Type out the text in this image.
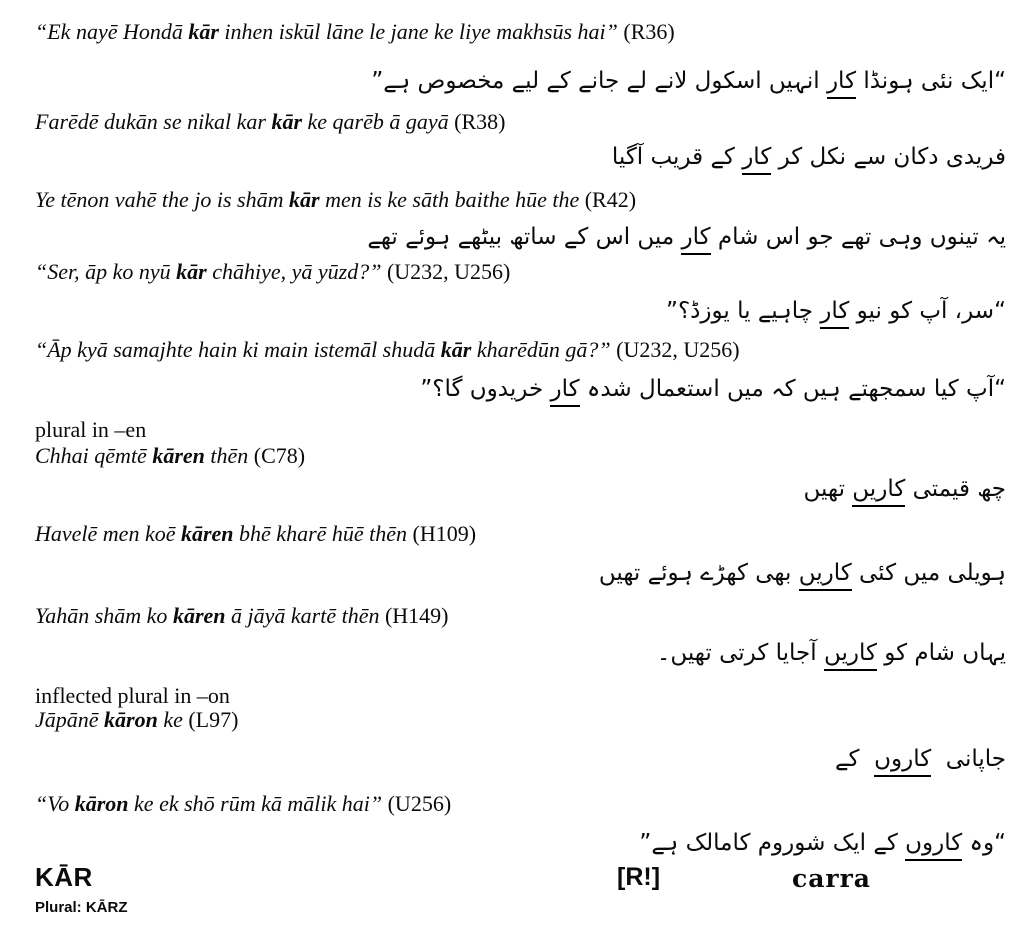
“Ek nayē Hondā kār inhen iskūl lāne le jane ke liye makhsūs hai” (R36)
“ایک نئی ہونڈا کار انہیں اسکول لانے لے جانے کے لیے مخصوص ہے”
Farēdē dukān se nikal kar kār ke qarēb ā gayā (R38)
فریدی دکان سے نکل کر کار کے قریب آگیا
Ye tēnon vahē the jo is shām kār men is ke sāth baithe hūe the (R42)
یہ تینوں وہی تھے جو اس شام کار میں اس کے ساتھ بیٹھے ہوئے تھے
“Ser, āp ko nyū kār chāhiye, yā yūzd?” (U232, U256)
“سر، آپ کو نیو کار چاہیے یا یوزڈ؟”
“Āp kyā samajhte hain ki main istemāl shudā kār kharēdūn gā?” (U232, U256)
“آپ کیا سمجھتے ہیں کہ میں استعمال شدہ کار خریدوں گا؟”
plural in –en
Chhai qēmtē kāren thēn (C78)
چھ قیمتی کاریں تھیں
Havelē men koē kāren bhē kharē hūē thēn (H109)
ہویلی میں کئی کاریں بھی کھڑے ہوئے تھیں
Yahān shām ko kāren ā jāyā kartē thēn (H149)
یہاں شام کو کاریں آجایا کرتی تھیں۔
inflected plural in –on
Jāpānē kāron ke (L97)
جاپانی  کاروں  کے
“Vo kāron ke ek shō rūm kā mālik hai” (U256)
“وہ کاروں کے ایک شوروم کامالک ہے”
KĀR	[R!]	carra
Plural: KĀRZ
